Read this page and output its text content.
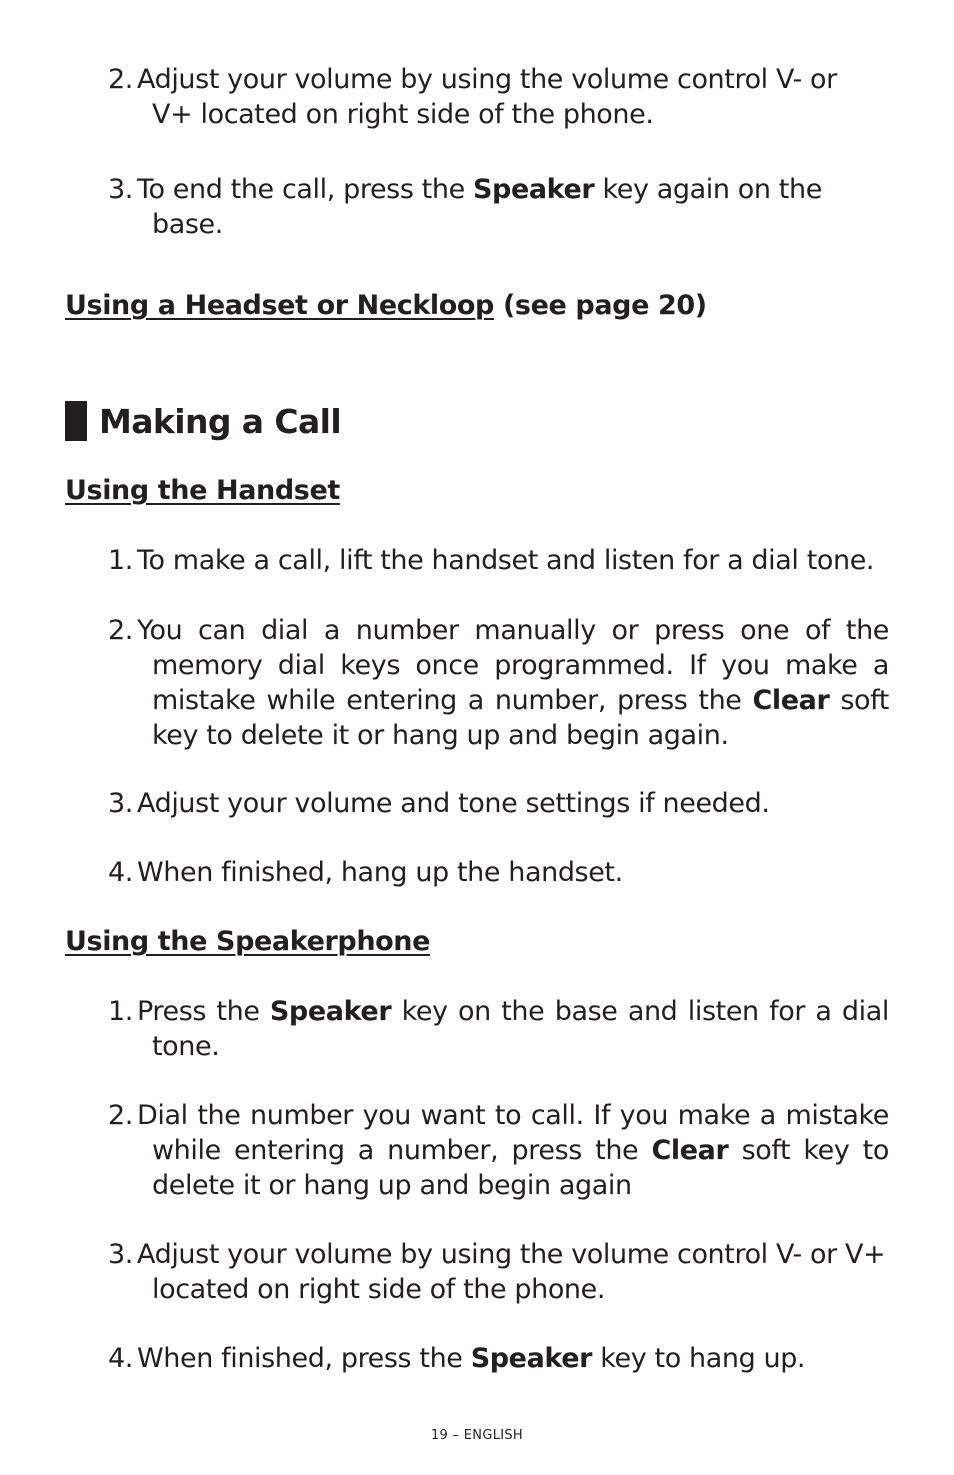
2. Adjust your volume by using the volume control V- or V+ located on right side of the phone.
3. To end the call, press the Speaker key again on the base.
Using a Headset or Neckloop (see page 20)
Making a Call
Using the Handset
1. To make a call, lift the handset and listen for a dial tone.
2. You can dial a number manually or press one of the memory dial keys once programmed. If you make a mistake while entering a number, press the Clear soft key to delete it or hang up and begin again.
3. Adjust your volume and tone settings if needed.
4. When finished, hang up the handset.
Using the Speakerphone
1. Press the Speaker key on the base and listen for a dial tone.
2. Dial the number you want to call. If you make a mistake while entering a number, press the Clear soft key to delete it or hang up and begin again
3. Adjust your volume by using the volume control V- or V+ located on right side of the phone.
4. When finished, press the Speaker key to hang up.
19 – ENGLISH
